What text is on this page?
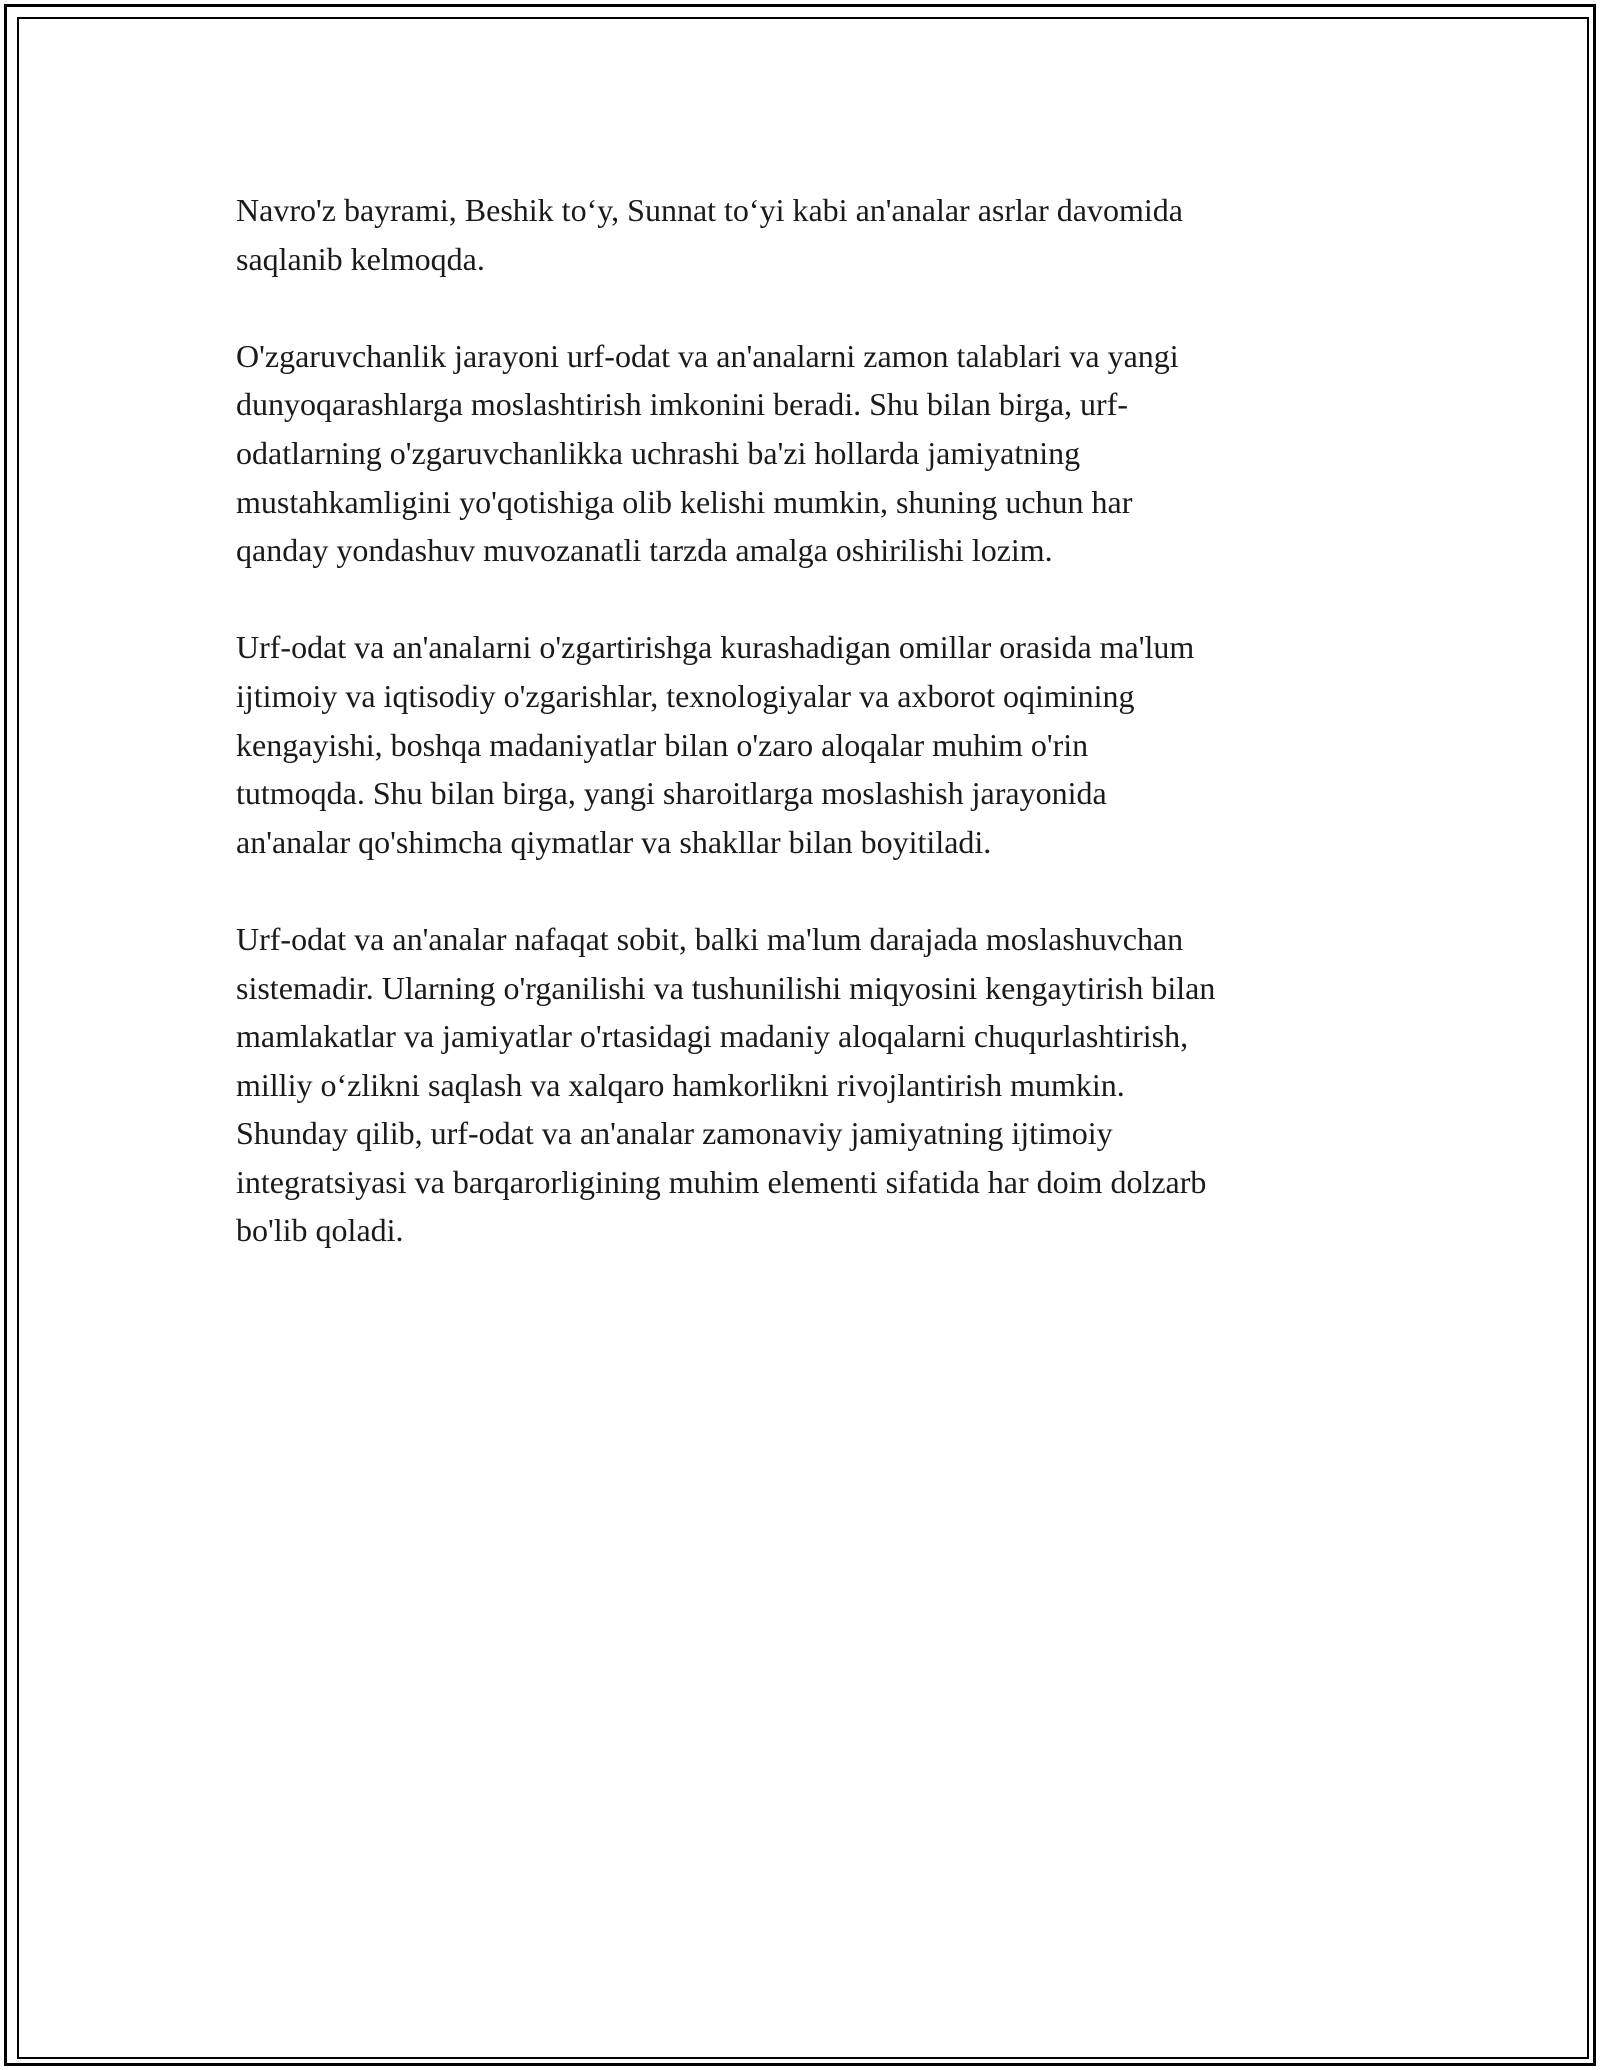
Navro'z bayrami, Beshik to‘y, Sunnat to‘yi kabi an'analar asrlar davomida
saqlanib kelmoqda.

O'zgaruvchanlik jarayoni urf-odat va an'analarni zamon talablari va yangi
dunyoqarashlarga moslashtirish imkonini beradi. Shu bilan birga, urf-
odatlarning o'zgaruvchanlikka uchrashi ba'zi hollarda jamiyatning
mustahkamligini yo'qotishiga olib kelishi mumkin, shuning uchun har
qanday yondashuv muvozanatli tarzda amalga oshirilishi lozim.

Urf-odat va an'analarni o'zgartirishga kurashadigan omillar orasida ma'lum
ijtimoiy va iqtisodiy o'zgarishlar, texnologiyalar va axborot oqimining
kengayishi, boshqa madaniyatlar bilan o'zaro aloqalar muhim o'rin
tutmoqda. Shu bilan birga, yangi sharoitlarga moslashish jarayonida
an'analar qo'shimcha qiymatlar va shakllar bilan boyitiladi.

Urf-odat va an'analar nafaqat sobit, balki ma'lum darajada moslashuvchan
sistemadir. Ularning o'rganilishi va tushunilishi miqyosini kengaytirish bilan
mamlakatlar va jamiyatlar o'rtasidagi madaniy aloqalarni chuqurlashtirish,
milliy o‘zlikni saqlash va xalqaro hamkorlikni rivojlantirish mumkin.
Shunday qilib, urf-odat va an'analar zamonaviy jamiyatning ijtimoiy
integratsiyasi va barqarorligining muhim elementi sifatida har doim dolzarb
bo'lib qoladi.
